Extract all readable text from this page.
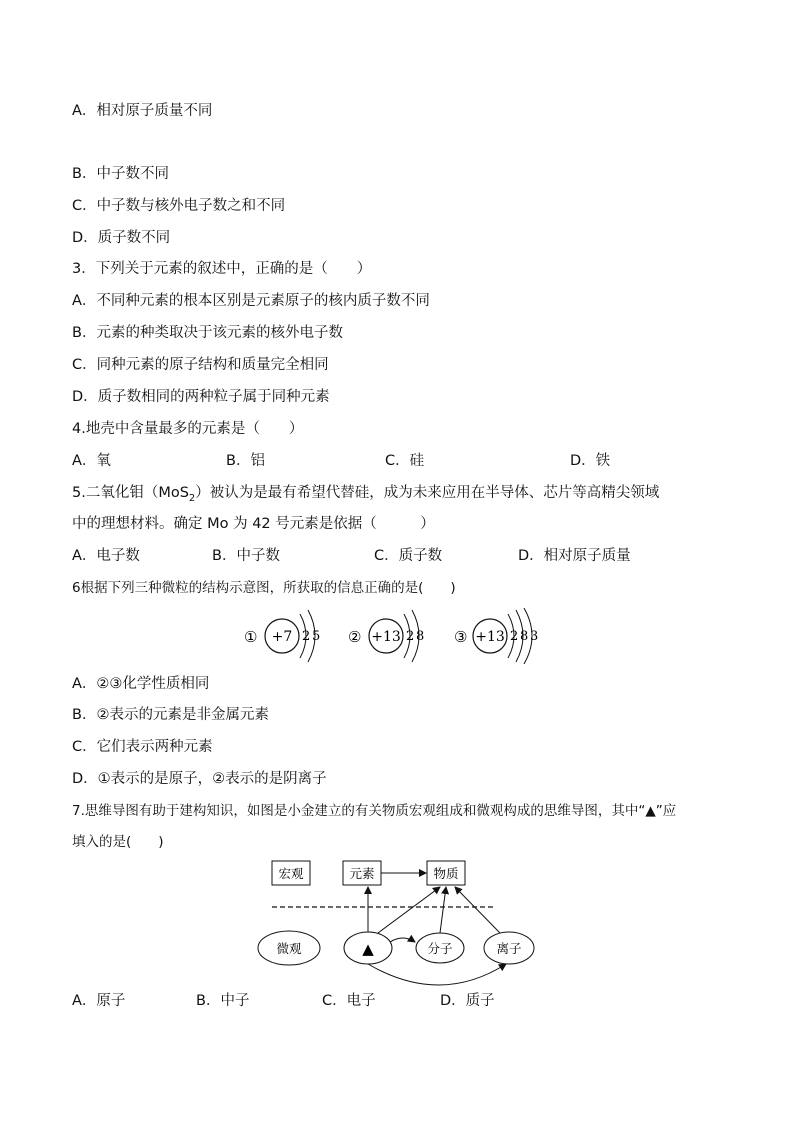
A．相对原子质量不同
B．中子数不同
C．中子数与核外电子数之和不同
D．质子数不同
3．下列关于元素的叙述中，正确的是（　　）
A．不同种元素的根本区别是元素原子的核内质子数不同
B．元素的种类取决于该元素的核外电子数
C．同种元素的原子结构和质量完全相同
D．质子数相同的两种粒子属于同种元素
4.地壳中含量最多的元素是（　　）
A．氧	B．铝	C．硅	D．铁
5.二氧化钼（MoS$_2$）被认为是最有希望代替硅，成为未来应用在半导体、芯片等高精尖领域
中的理想材料。确定 Mo 为 42 号元素是依据（　　　）
A．电子数	B．中子数	C．质子数	D．相对原子质量
6根据下列三种微粒的结构示意图，所获取的信息正确的是(　　)
① +7 2 5 ② +13 2 8 ③ +13 2 8 3
A．②③化学性质相同
B．②表示的元素是非金属元素
C．它们表示两种元素
D．①表示的是原子，②表示的是阴离子
7.思维导图有助于建构知识，如图是小金建立的有关物质宏观组成和微观构成的思维导图，其中“▲”应
填入的是(　　)
宏观	元素	物质
微观	▲	分子	离子
A．原子	B．中子	C．电子	D．质子
